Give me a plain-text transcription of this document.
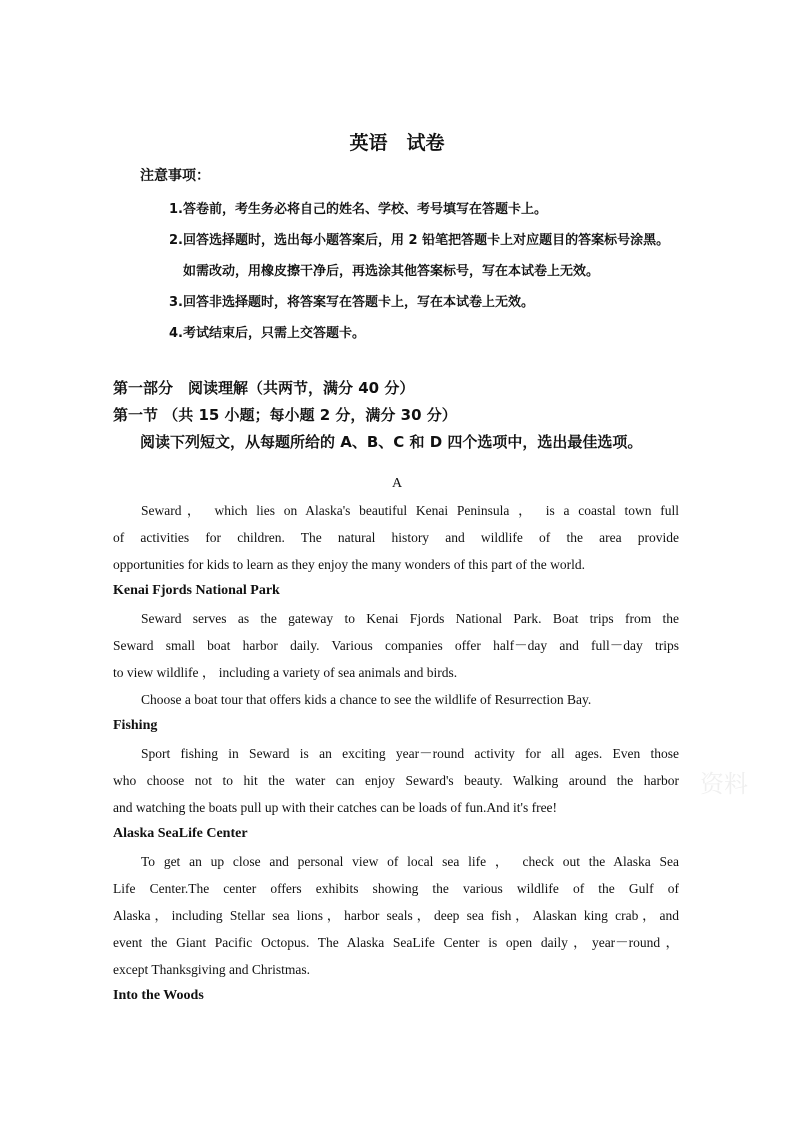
英语　试卷
注意事项：
1.答卷前，考生务必将自己的姓名、学校、考号填写在答题卡上。
2.回答选择题时，选出每小题答案后，用 2 铅笔把答题卡上对应题目的答案标号涂黑。
如需改动，用橡皮擦干净后，再选涂其他答案标号，写在本试卷上无效。
3.回答非选择题时，将答案写在答题卡上，写在本试卷上无效。
4.考试结束后，只需上交答题卡。
第一部分　阅读理解（共两节，满分 40 分）
第一节 （共 15 小题；每小题 2 分，满分 30 分）
阅读下列短文，从每题所给的 A、B、C 和 D 四个选项中，选出最佳选项。
A
Seward， which lies on Alaska's beautiful Kenai Peninsula ， is a coastal town full
of activities for children. The natural history and wildlife of the area provide
opportunities for kids to learn as they enjoy the many wonders of this part of the world.
Kenai Fjords National Park
Seward serves as the gateway to Kenai Fjords National Park. Boat trips from the
Seward small boat harbor daily. Various companies offer half－day and full－day trips
to view wildlife ， including a variety of sea animals and birds.
Choose a boat tour that offers kids a chance to see the wildlife of Resurrection Bay.
Fishing
Sport fishing in Seward is an exciting year－round activity for all ages. Even those
who choose not to hit the water can enjoy Seward's beauty. Walking around the harbor
and watching the boats pull up with their catches can be loads of fun.And it's free!
Alaska SeaLife Center
To get an up close and personal view of local sea life ， check out the Alaska Sea
Life Center.The center offers exhibits showing the various wildlife of the Gulf of
Alaska，including Stellar sea lions，harbor seals，deep sea fish，Alaskan king crab，and
event the Giant Pacific Octopus. The Alaska SeaLife Center is open daily，year－round，
except Thanksgiving and Christmas.
Into the Woods
资料
